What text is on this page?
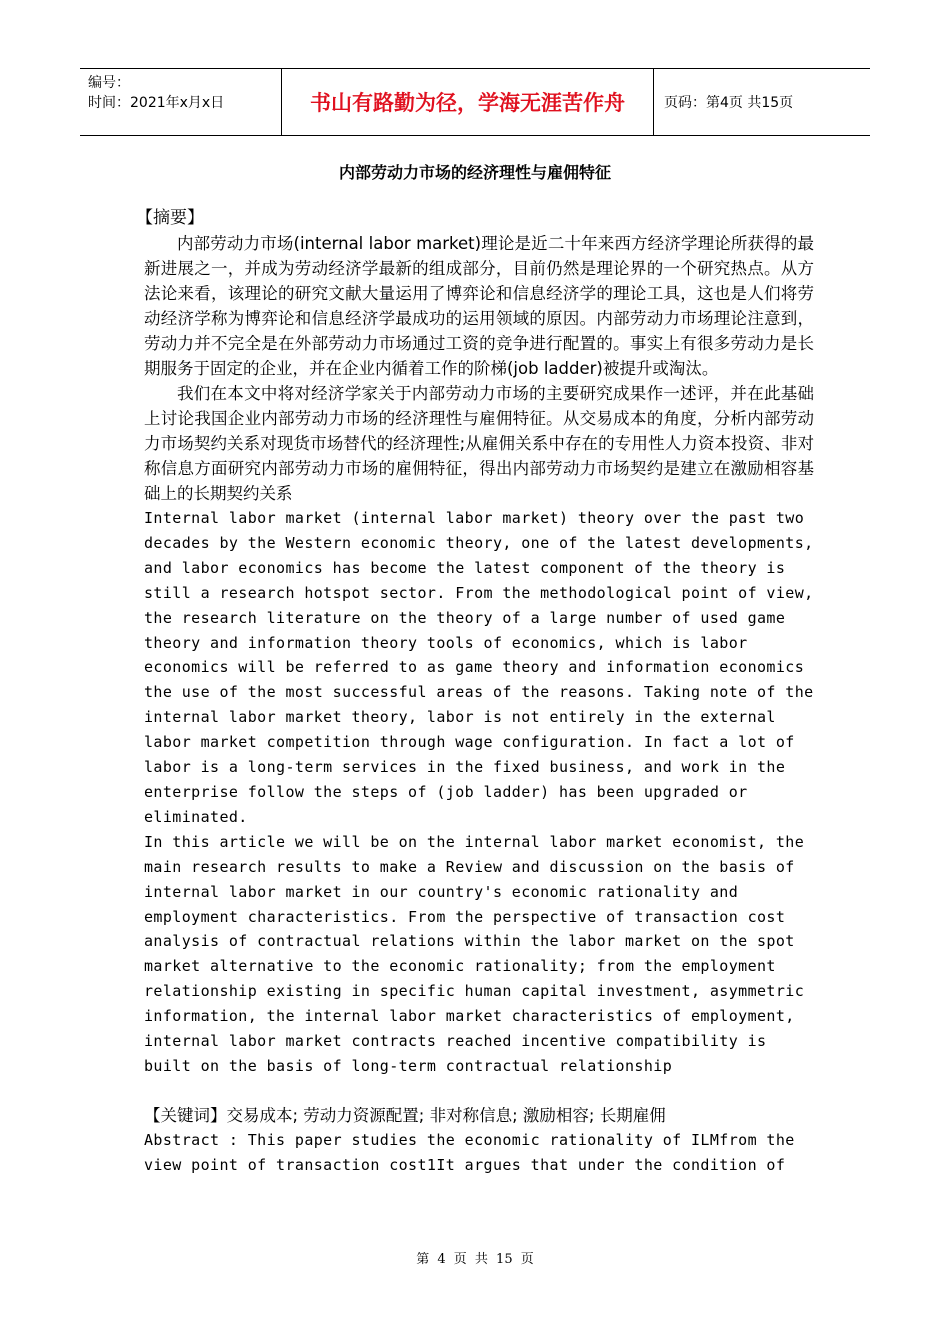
编号：
时间：2021年x月x日	书山有路勤为径，学海无涯苦作舟	页码：第4页 共15页
内部劳动力市场的经济理性与雇佣特征

【摘要】

内部劳动力市场(internal labor market)理论是近二十年来西方经济学理论所获得的最新进展之一，并成为劳动经济学最新的组成部分，目前仍然是理论界的一个研究热点。从方法论来看，该理论的研究文献大量运用了博弈论和信息经济学的理论工具，这也是人们将劳动经济学称为博弈论和信息经济学最成功的运用领域的原因。内部劳动力市场理论注意到，劳动力并不完全是在外部劳动力市场通过工资的竞争进行配置的。事实上有很多劳动力是长期服务于固定的企业，并在企业内循着工作的阶梯(job ladder)被提升或淘汰。

我们在本文中将对经济学家关于内部劳动力市场的主要研究成果作一述评，并在此基础上讨论我国企业内部劳动力市场的经济理性与雇佣特征。从交易成本的角度，分析内部劳动力市场契约关系对现货市场替代的经济理性;从雇佣关系中存在的专用性人力资本投资、非对称信息方面研究内部劳动力市场的雇佣特征，得出内部劳动力市场契约是建立在激励相容基础上的长期契约关系

Internal labor market (internal labor market) theory over the past two decades by the Western economic theory, one of the latest developments, and labor economics has become the latest component of the theory is still a research hotspot sector. From the methodological point of view, the research literature on the theory of a large number of used game theory and information theory tools of economics, which is labor economics will be referred to as game theory and information economics the use of the most successful areas of the reasons. Taking note of the internal labor market theory, labor is not entirely in the external labor market competition through wage configuration. In fact a lot of labor is a long-term services in the fixed business, and work in the enterprise follow the steps of (job ladder) has been upgraded or eliminated.

In this article we will be on the internal labor market economist, the main research results to make a Review and discussion on the basis of internal labor market in our country's economic rationality and employment characteristics. From the perspective of transaction cost analysis of contractual relations within the labor market on the spot market alternative to the economic rationality; from the employment relationship existing in specific human capital investment, asymmetric information, the internal labor market characteristics of employment, internal labor market contracts reached incentive compatibility is built on the basis of long-term contractual relationship

【关键词】交易成本; 劳动力资源配置; 非对称信息; 激励相容; 长期雇佣

Abstract : This paper studies the economic rationality of ILMfrom the view point of transaction cost1It argues that under the condition of

第 4 页 共 15 页
